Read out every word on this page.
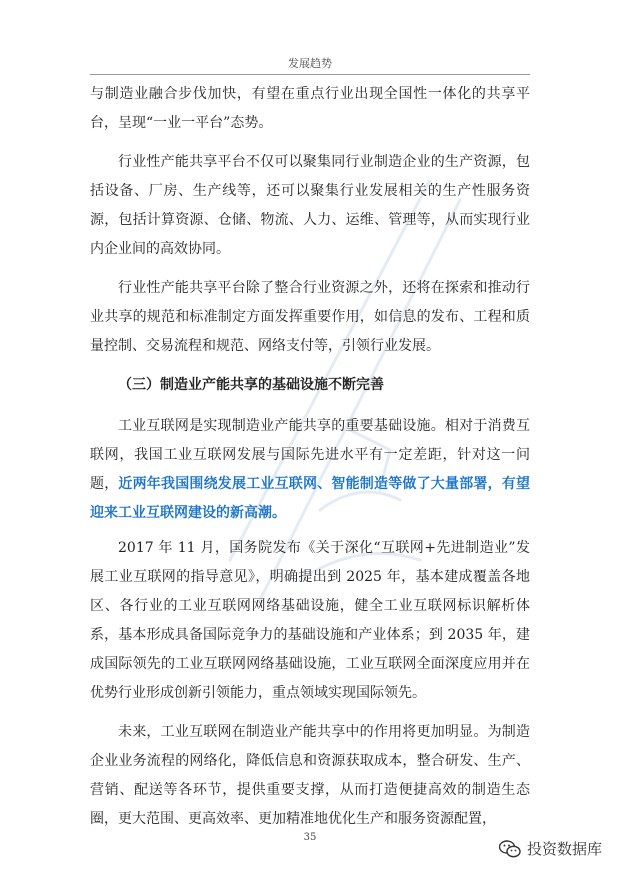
发展趋势

与制造业融合步伐加快，有望在重点行业出现全国性一体化的共享平台，呈现“一业一平台”态势。

行业性产能共享平台不仅可以聚集同行业制造企业的生产资源，包括设备、厂房、生产线等，还可以聚集行业发展相关的生产性服务资源，包括计算资源、仓储、物流、人力、运维、管理等，从而实现行业内企业间的高效协同。

行业性产能共享平台除了整合行业资源之外，还将在探索和推动行业共享的规范和标准制定方面发挥重要作用，如信息的发布、工程和质量控制、交易流程和规范、网络支付等，引领行业发展。

（三）制造业产能共享的基础设施不断完善

工业互联网是实现制造业产能共享的重要基础设施。相对于消费互联网，我国工业互联网发展与国际先进水平有一定差距，针对这一问题，近两年我国围绕发展工业互联网、智能制造等做了大量部署，有望迎来工业互联网建设的新高潮。

2017 年 11 月，国务院发布《关于深化“互联网+先进制造业”发展工业互联网的指导意见》，明确提出到 2025 年，基本建成覆盖各地区、各行业的工业互联网网络基础设施，健全工业互联网标识解析体系，基本形成具备国际竞争力的基础设施和产业体系；到 2035 年，建成国际领先的工业互联网网络基础设施，工业互联网全面深度应用并在优势行业形成创新引领能力，重点领域实现国际领先。

未来，工业互联网在制造业产能共享中的作用将更加明显。为制造企业业务流程的网络化，降低信息和资源获取成本，整合研发、生产、营销、配送等各环节，提供重要支撑，从而打造便捷高效的制造生态圈，更大范围、更高效率、更加精准地优化生产和服务资源配置，

35
投资数据库
